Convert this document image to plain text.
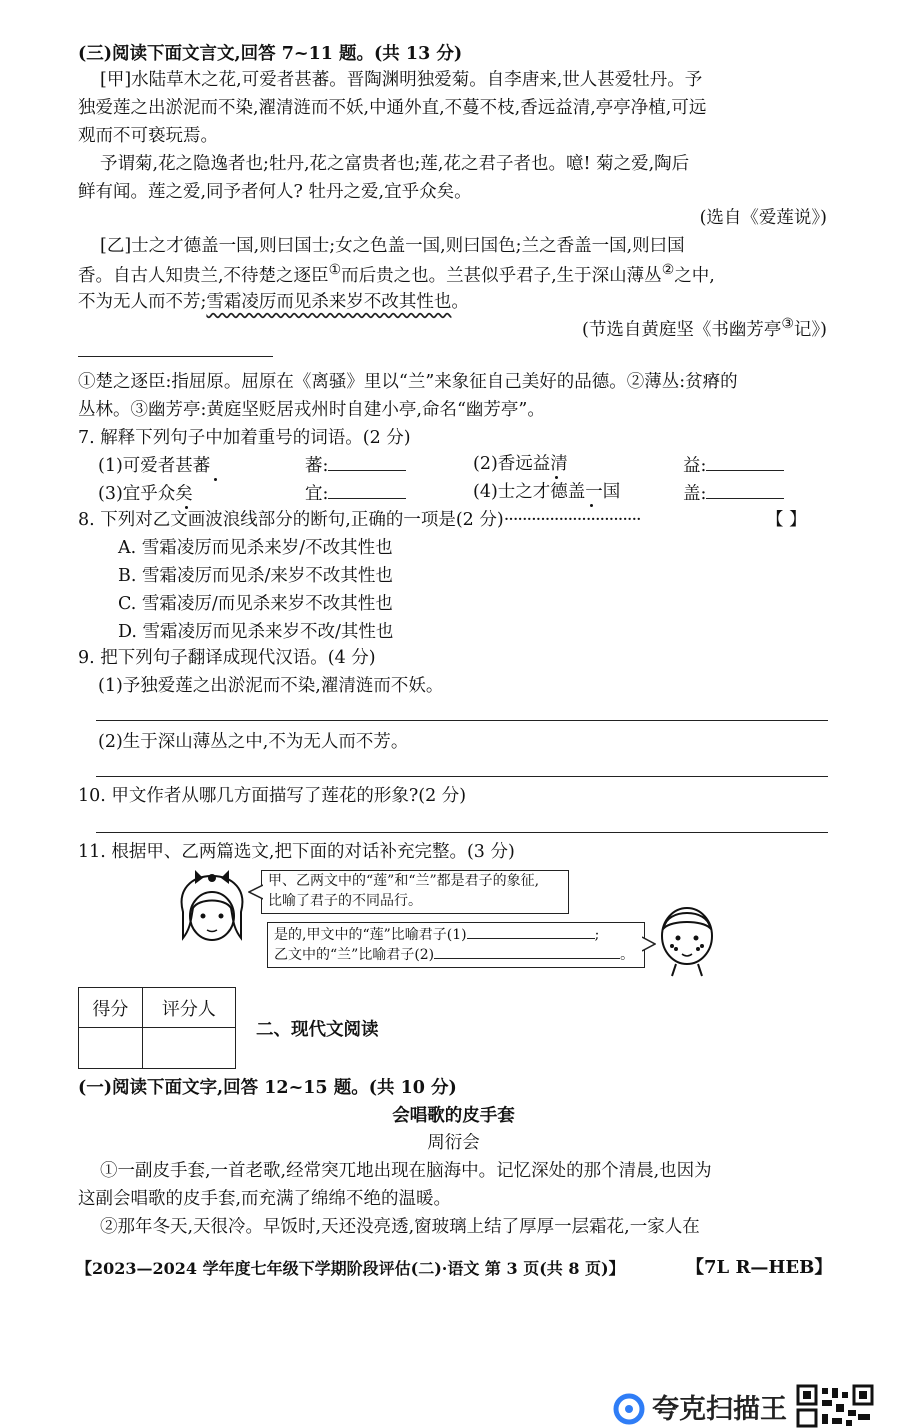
(三)阅读下面文言文,回答 7~11 题。(共 13 分)
[甲]水陆草木之花,可爱者甚蕃。晋陶渊明独爱菊。自李唐来,世人甚爱牡丹。予
独爱莲之出淤泥而不染,濯清涟而不妖,中通外直,不蔓不枝,香远益清,亭亭净植,可远
观而不可亵玩焉。
予谓菊,花之隐逸者也;牡丹,花之富贵者也;莲,花之君子者也。噫! 菊之爱,陶后
鲜有闻。莲之爱,同予者何人? 牡丹之爱,宜乎众矣。
(选自《爱莲说》)
[乙]士之才德盖一国,则曰国士;女之色盖一国,则曰国色;兰之香盖一国,则曰国
香。自古人知贵兰,不待楚之逐臣①而后贵之也。兰甚似乎君子,生于深山薄丛②之中,
不为无人而不芳;雪霜凌厉而见杀来岁不改其性也。
(节选自黄庭坚《书幽芳亭③记》)
①楚之逐臣:指屈原。屈原在《离骚》里以“兰”来象征自己美好的品德。②薄丛:贫瘠的
丛林。③幽芳亭:黄庭坚贬居戎州时自建小亭,命名“幽芳亭”。
7. 解释下列句子中加着重号的词语。(2 分)
(1)可爱者甚蕃	蕃:	(2)香远益清	益:
(3)宜乎众矣	宜:	(4)士之才德盖一国	盖:
8. 下列对乙文画波浪线部分的断句,正确的一项是(2 分)······························	【 】
A. 雪霜凌厉而见杀来岁/不改其性也
B. 雪霜凌厉而见杀/来岁不改其性也
C. 雪霜凌厉/而见杀来岁不改其性也
D. 雪霜凌厉而见杀来岁不改/其性也
9. 把下列句子翻译成现代汉语。(4 分)
(1)予独爱莲之出淤泥而不染,濯清涟而不妖。
(2)生于深山薄丛之中,不为无人而不芳。
10. 甲文作者从哪几方面描写了莲花的形象?(2 分)
11. 根据甲、乙两篇选文,把下面的对话补充完整。(3 分)
甲、乙两文中的“莲”和“兰”都是君子的象征,
比喻了君子的不同品行。
是的,甲文中的“莲”比喻君子(1)	;
乙文中的“兰”比喻君子(2)	。
得分	评分人

二、现代文阅读
(一)阅读下面文字,回答 12~15 题。(共 10 分)
会唱歌的皮手套
周衍会
①一副皮手套,一首老歌,经常突兀地出现在脑海中。记忆深处的那个清晨,也因为
这副会唱歌的皮手套,而充满了绵绵不绝的温暖。
②那年冬天,天很冷。早饭时,天还没亮透,窗玻璃上结了厚厚一层霜花,一家人在
【2023—2024 学年度七年级下学期阶段评估(二)·语文 第 3 页(共 8 页)】	【7L R—HEB】
夸克扫描王
